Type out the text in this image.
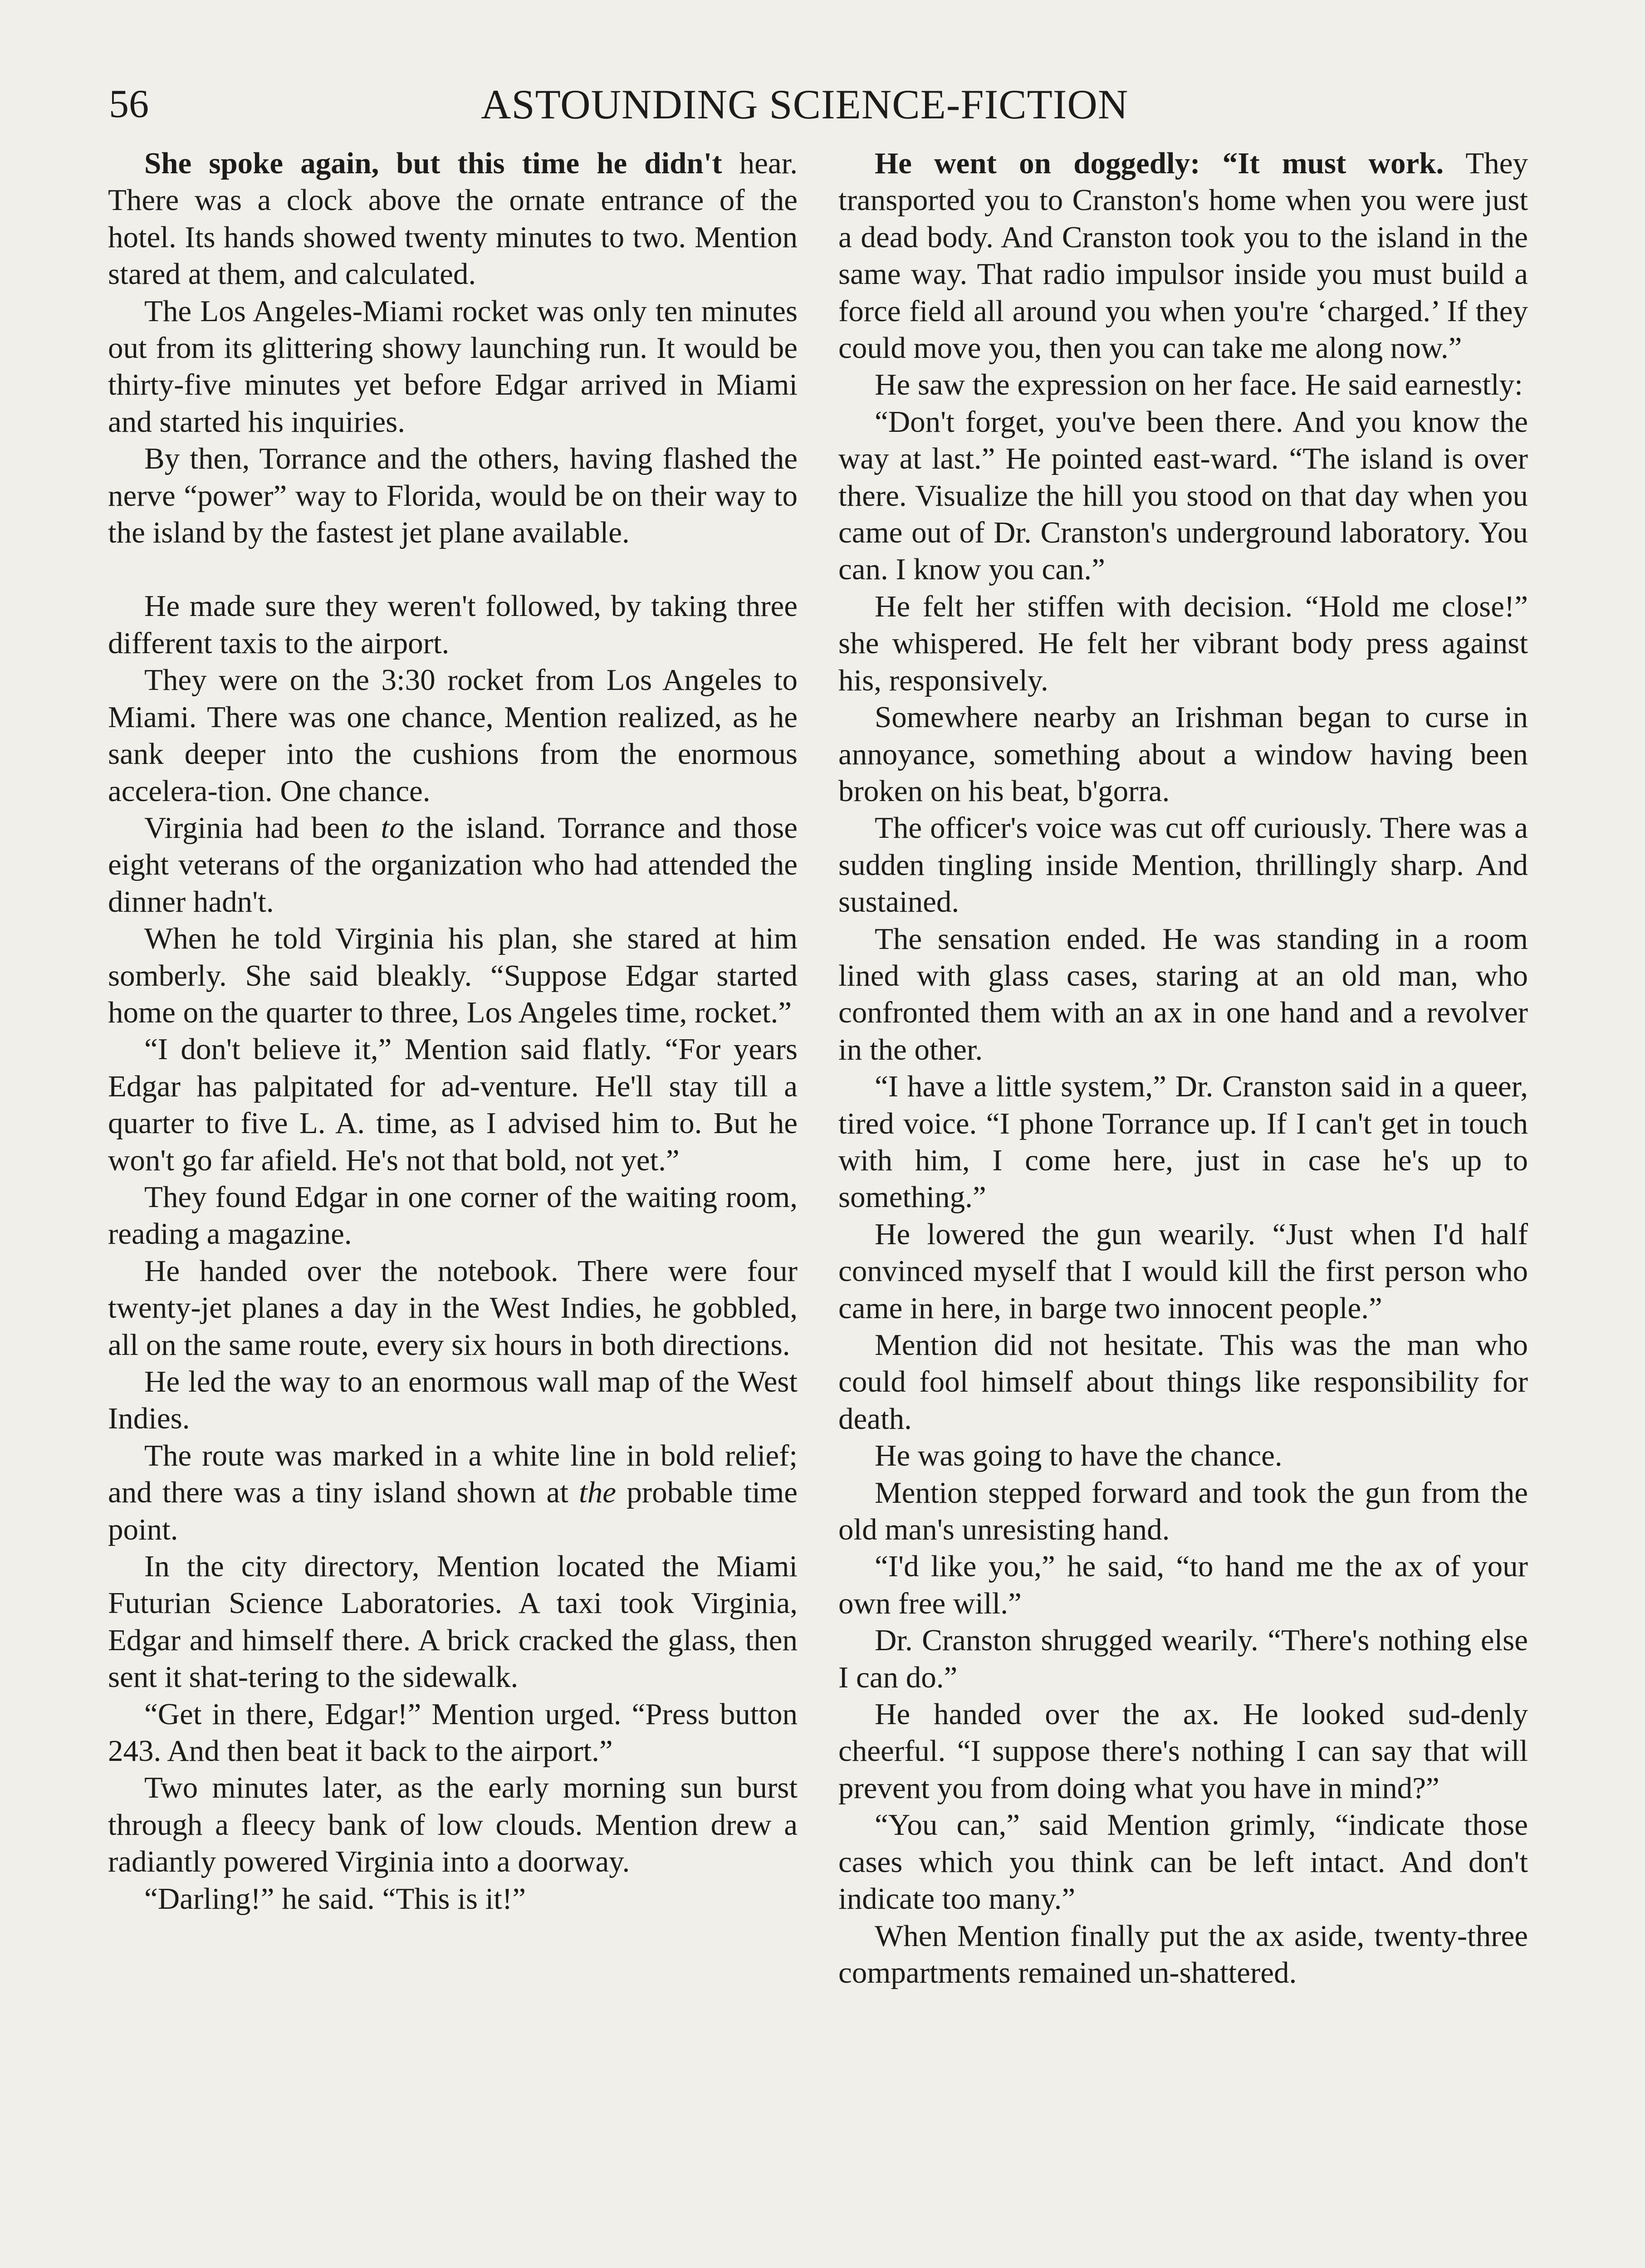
56	ASTOUNDING SCIENCE-FICTION

She spoke again, but this time he didn't hear. There was a clock above the ornate entrance of the hotel. Its hands showed twenty minutes to two. Mention stared at them, and calculated.

The Los Angeles-Miami rocket was only ten minutes out from its glittering showy launching run. It would be thirty-five minutes yet before Edgar arrived in Miami and started his inquiries.

By then, Torrance and the others, having flashed the nerve “power” way to Florida, would be on their way to the island by the fastest jet plane available.

He made sure they weren't followed, by taking three different taxis to the airport.

They were on the 3:30 rocket from Los Angeles to Miami. There was one chance, Mention realized, as he sank deeper into the cushions from the enormous accelera-tion. One chance.

Virginia had been to the island. Torrance and those eight veterans of the organization who had attended the dinner hadn't.

When he told Virginia his plan, she stared at him somberly. She said bleakly. “Suppose Edgar started home on the quarter to three, Los Angeles time, rocket.”

“I don't believe it,” Mention said flatly. “For years Edgar has palpitated for ad-venture. He'll stay till a quarter to five L. A. time, as I advised him to. But he won't go far afield. He's not that bold, not yet.”

They found Edgar in one corner of the waiting room, reading a magazine.

He handed over the notebook. There were four twenty-jet planes a day in the West Indies, he gobbled, all on the same route, every six hours in both directions.

He led the way to an enormous wall map of the West Indies.

The route was marked in a white line in bold relief; and there was a tiny island shown at the probable time point.

In the city directory, Mention located the Miami Futurian Science Laboratories. A taxi took Virginia, Edgar and himself there. A brick cracked the glass, then sent it shat-tering to the sidewalk.

“Get in there, Edgar!” Mention urged. “Press button 243. And then beat it back to the airport.”

Two minutes later, as the early morning sun burst through a fleecy bank of low clouds. Mention drew a radiantly powered Virginia into a doorway.

“Darling!” he said. “This is it!”

He went on doggedly: “It must work. They transported you to Cranston's home when you were just a dead body. And Cranston took you to the island in the same way. That radio impulsor inside you must build a force field all around you when you're ‘charged.’ If they could move you, then you can take me along now.”

He saw the expression on her face. He said earnestly:

“Don't forget, you've been there. And you know the way at last.” He pointed east-ward. “The island is over there. Visualize the hill you stood on that day when you came out of Dr. Cranston's underground laboratory. You can. I know you can.”

He felt her stiffen with decision. “Hold me close!” she whispered. He felt her vibrant body press against his, responsively.

Somewhere nearby an Irishman began to curse in annoyance, something about a window having been broken on his beat, b'gorra.

The officer's voice was cut off curiously. There was a sudden tingling inside Mention, thrillingly sharp. And sustained.

The sensation ended. He was standing in a room lined with glass cases, staring at an old man, who confronted them with an ax in one hand and a revolver in the other.

“I have a little system,” Dr. Cranston said in a queer, tired voice. “I phone Torrance up. If I can't get in touch with him, I come here, just in case he's up to something.”

He lowered the gun wearily. “Just when I'd half convinced myself that I would kill the first person who came in here, in barge two innocent people.”

Mention did not hesitate. This was the man who could fool himself about things like responsibility for death.

He was going to have the chance.

Mention stepped forward and took the gun from the old man's unresisting hand.

“I'd like you,” he said, “to hand me the ax of your own free will.”

Dr. Cranston shrugged wearily. “There's nothing else I can do.”

He handed over the ax. He looked sud-denly cheerful. “I suppose there's nothing I can say that will prevent you from doing what you have in mind?”

“You can,” said Mention grimly, “indicate those cases which you think can be left intact. And don't indicate too many.”

When Mention finally put the ax aside, twenty-three compartments remained un-shattered.
